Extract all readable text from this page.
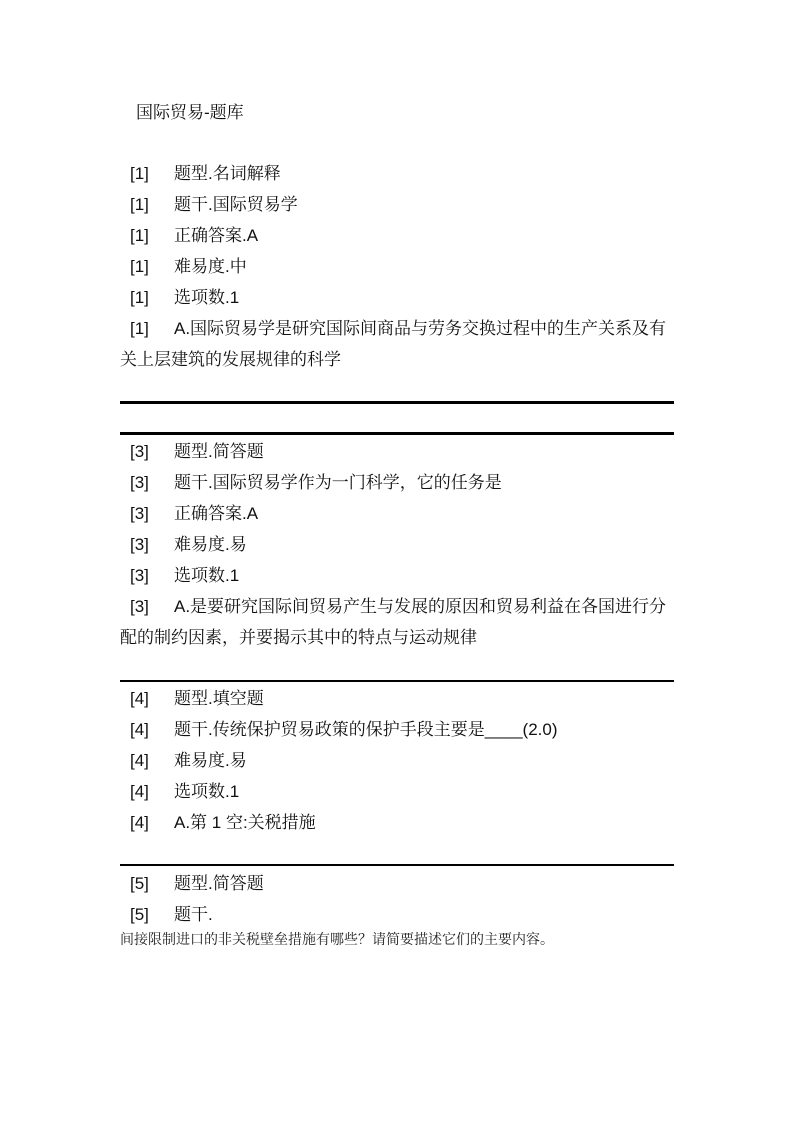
国际贸易-题库
[1] 题型.名词解释
[1] 题干.国际贸易学
[1] 正确答案.A
[1] 难易度.中
[1] 选项数.1
[1] A.国际贸易学是研究国际间商品与劳务交换过程中的生产关系及有关上层建筑的发展规律的科学
[3] 题型.简答题
[3] 题干.国际贸易学作为一门科学，它的任务是
[3] 正确答案.A
[3] 难易度.易
[3] 选项数.1
[3] A.是要研究国际间贸易产生与发展的原因和贸易利益在各国进行分配的制约因素，并要揭示其中的特点与运动规律
[4] 题型.填空题
[4] 题干.传统保护贸易政策的保护手段主要是____(2.0)
[4] 难易度.易
[4] 选项数.1
[4] A.第 1 空:关税措施
[5] 题型.简答题
[5] 题干.
间接限制进口的非关税壁垒措施有哪些？请简要描述它们的主要内容。
